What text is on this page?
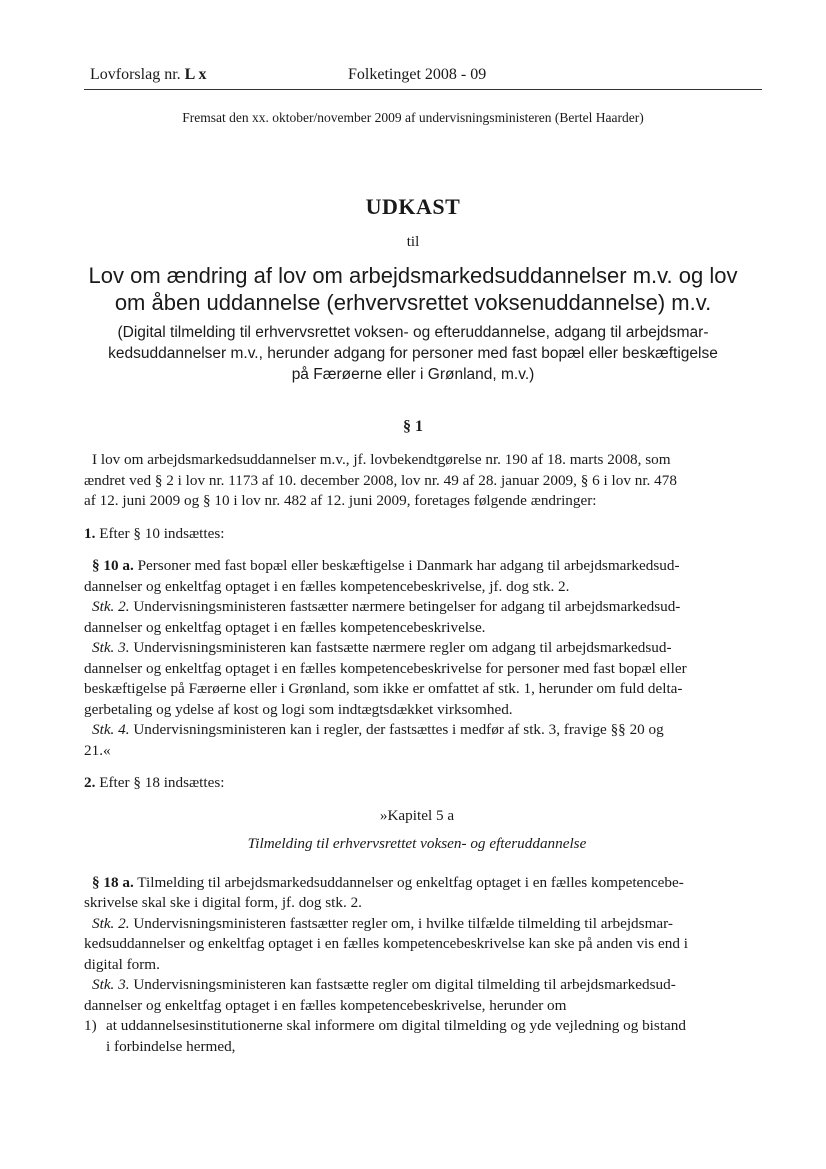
Lovforslag nr. L x	Folketinget 2008 - 09
Fremsat den xx. oktober/november 2009 af undervisningsministeren (Bertel Haarder)
UDKAST
til
Lov om ændring af lov om arbejdsmarkedsuddannelser m.v. og lov
om åben uddannelse (erhvervsrettet voksenuddannelse) m.v.
(Digital tilmelding til erhvervsrettet voksen- og efteruddannelse, adgang til arbejdsmar-
kedsuddannelser m.v., herunder adgang for personer med fast bopæl eller beskæftigelse
på Færøerne eller i Grønland, m.v.)
§ 1

I lov om arbejdsmarkedsuddannelser m.v., jf. lovbekendtgørelse nr. 190 af 18. marts 2008, som

ændret ved § 2 i lov nr. 1173 af 10. december 2008, lov nr. 49 af 28. januar 2009, § 6 i lov nr. 478

af 12. juni 2009 og § 10 i lov nr. 482 af 12. juni 2009, foretages følgende ændringer:

1. Efter § 10 indsættes:

§ 10 a. Personer med fast bopæl eller beskæftigelse i Danmark har adgang til arbejdsmarkedsud-

dannelser og enkeltfag optaget i en fælles kompetencebeskrivelse, jf. dog stk. 2.

Stk. 2. Undervisningsministeren fastsætter nærmere betingelser for adgang til arbejdsmarkedsud-

dannelser og enkeltfag optaget i en fælles kompetencebeskrivelse.

Stk. 3. Undervisningsministeren kan fastsætte nærmere regler om adgang til arbejdsmarkedsud-

dannelser og enkeltfag optaget i en fælles kompetencebeskrivelse for personer med fast bopæl eller

beskæftigelse på Færøerne eller i Grønland, som ikke er omfattet af stk. 1, herunder om fuld delta-

gerbetaling og ydelse af kost og logi som indtægtsdækket virksomhed.

Stk. 4. Undervisningsministeren kan i regler, der fastsættes i medfør af stk. 3, fravige §§ 20 og

21.«

2. Efter § 18 indsættes:

»Kapitel 5 a

Tilmelding til erhvervsrettet voksen- og efteruddannelse

§ 18 a. Tilmelding til arbejdsmarkedsuddannelser og enkeltfag optaget i en fælles kompetencebe-

skrivelse skal ske i digital form, jf. dog stk. 2.

Stk. 2. Undervisningsministeren fastsætter regler om, i hvilke tilfælde tilmelding til arbejdsmar-

kedsuddannelser og enkeltfag optaget i en fælles kompetencebeskrivelse kan ske på anden vis end i

digital form.

Stk. 3. Undervisningsministeren kan fastsætte regler om digital tilmelding til arbejdsmarkedsud-

dannelser og enkeltfag optaget i en fælles kompetencebeskrivelse, herunder om

1) at uddannelsesinstitutionerne skal informere om digital tilmelding og yde vejledning og bistand

i forbindelse hermed,
